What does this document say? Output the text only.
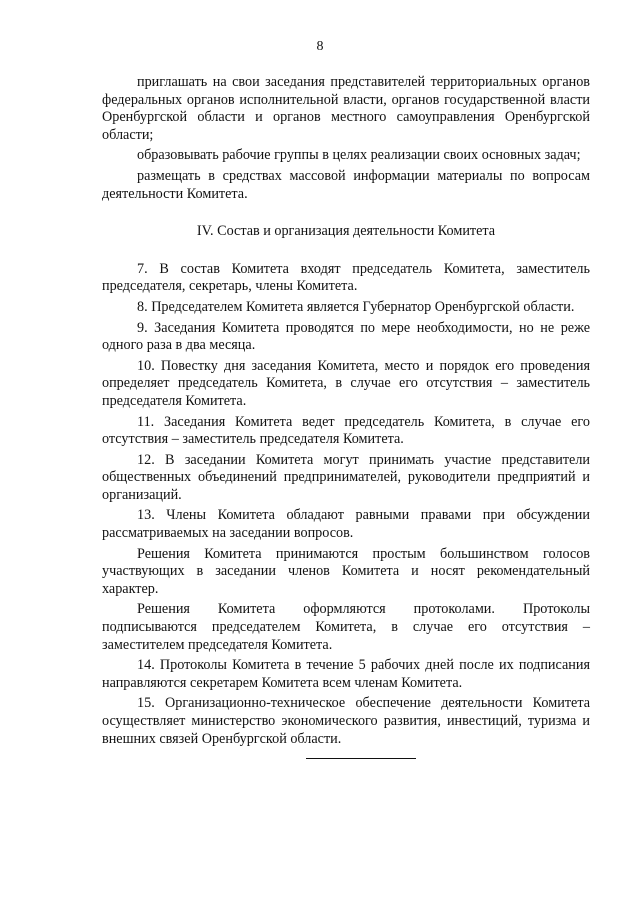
8

приглашать на свои заседания представителей территориальных органов федеральных органов исполнительной власти, органов государственной власти Оренбургской области и органов местного самоуправления Оренбургской области;

образовывать рабочие группы в целях реализации своих основных задач;

размещать в средствах массовой информации материалы по вопросам деятельности Комитета.

IV. Состав и организация деятельности Комитета

7. В состав Комитета входят председатель Комитета, заместитель председателя, секретарь, члены Комитета.

8. Председателем Комитета является Губернатор Оренбургской области.

9. Заседания Комитета проводятся по мере необходимости, но не реже одного раза в два месяца.

10. Повестку дня заседания Комитета, место и порядок его проведения определяет председатель Комитета, в случае его отсутствия – заместитель председателя Комитета.

11. Заседания Комитета ведет председатель Комитета, в случае его отсутствия – заместитель председателя Комитета.

12. В заседании Комитета могут принимать участие представители общественных объединений предпринимателей, руководители предприятий и организаций.

13. Члены Комитета обладают равными правами при обсуждении рассматриваемых на заседании вопросов.

Решения Комитета принимаются простым большинством голосов участвующих в заседании членов Комитета и носят рекомендательный характер.

Решения Комитета оформляются протоколами. Протоколы подписываются председателем Комитета, в случае его отсутствия – заместителем председателя Комитета.

14. Протоколы Комитета в течение 5 рабочих дней после их подписания направляются секретарем Комитета всем членам Комитета.

15. Организационно-техническое обеспечение деятельности Комитета осуществляет министерство экономического развития, инвестиций, туризма и внешних связей Оренбургской области.
